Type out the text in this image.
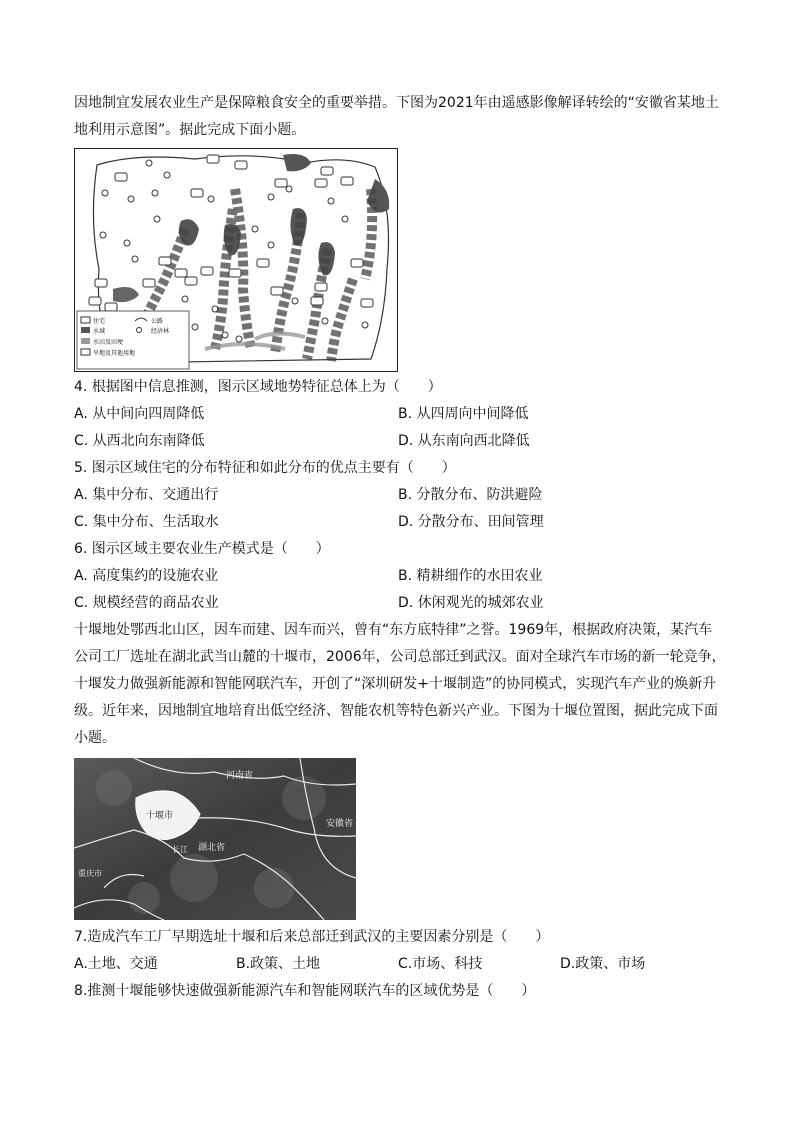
因地制宜发展农业生产是保障粮食安全的重要举措。下图为2021年由遥感影像解译转绘的“安徽省某地土地利用示意图”。据此完成下面小题。

住宅	公路
水域	经济林
水田及田埂
旱地及其他用地

4. 根据图中信息推测，图示区域地势特征总体上为（　　）

A. 从中间向四周降低	B. 从四周向中间降低

C. 从西北向东南降低	D. 从东南向西北降低

5. 图示区域住宅的分布特征和如此分布的优点主要有（　　）

A. 集中分布、交通出行	B. 分散分布、防洪避险

C. 集中分布、生活取水	D. 分散分布、田间管理

6. 图示区域主要农业生产模式是（　　）

A. 高度集约的设施农业	B. 精耕细作的水田农业

C. 规模经营的商品农业	D. 休闲观光的城郊农业

十堰地处鄂西北山区，因车而建、因车而兴，曾有“东方底特律”之誉。1969年，根据政府决策，某汽车公司工厂选址在湖北武当山麓的十堰市，2006年，公司总部迁到武汉。面对全球汽车市场的新一轮竞争，十堰发力做强新能源和智能网联汽车，开创了“深圳研发+十堰制造”的协同模式，实现汽车产业的焕新升级。近年来，因地制宜地培育出低空经济、智能农机等特色新兴产业。下图为十堰位置图，据此完成下面小题。

十堰市
河南省
安徽省
湖北省
长江
重庆市

7.造成汽车工厂早期选址十堰和后来总部迁到武汉的主要因素分别是（　　）

A.土地、交通	B.政策、土地	C.市场、科技	D.政策、市场

8.推测十堰能够快速做强新能源汽车和智能网联汽车的区域优势是（　　）
